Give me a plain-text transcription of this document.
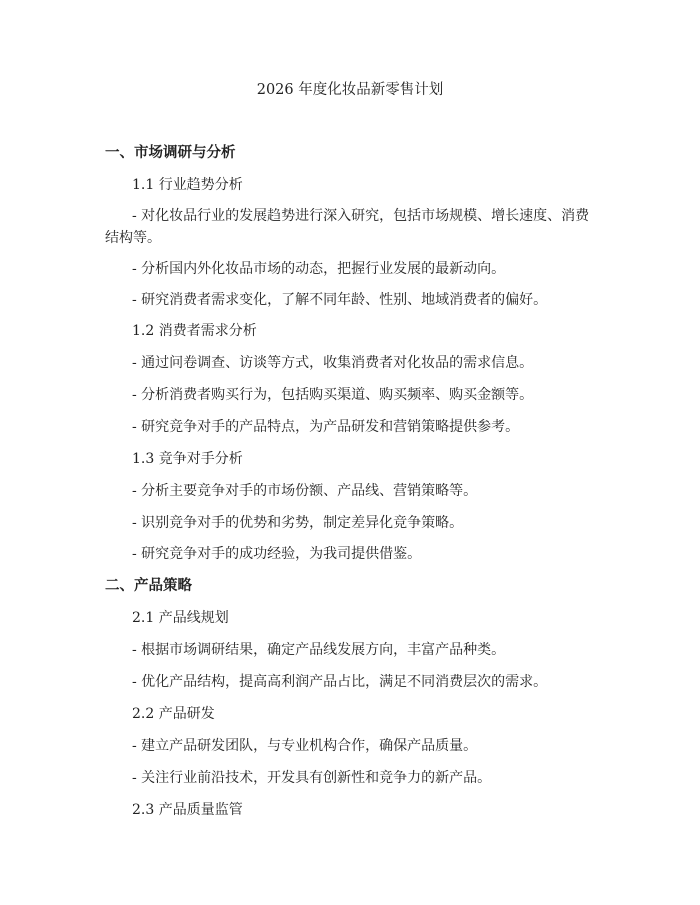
2026 年度化妆品新零售计划
一、市场调研与分析
1.1 行业趋势分析
- 对化妆品行业的发展趋势进行深入研究，包括市场规模、增长速度、消费结构等。
- 分析国内外化妆品市场的动态，把握行业发展的最新动向。
- 研究消费者需求变化，了解不同年龄、性别、地域消费者的偏好。
1.2 消费者需求分析
- 通过问卷调查、访谈等方式，收集消费者对化妆品的需求信息。
- 分析消费者购买行为，包括购买渠道、购买频率、购买金额等。
- 研究竞争对手的产品特点，为产品研发和营销策略提供参考。
1.3 竞争对手分析
- 分析主要竞争对手的市场份额、产品线、营销策略等。
- 识别竞争对手的优势和劣势，制定差异化竞争策略。
- 研究竞争对手的成功经验，为我司提供借鉴。
二、产品策略
2.1 产品线规划
- 根据市场调研结果，确定产品线发展方向，丰富产品种类。
- 优化产品结构，提高高利润产品占比，满足不同消费层次的需求。
2.2 产品研发
- 建立产品研发团队，与专业机构合作，确保产品质量。
- 关注行业前沿技术，开发具有创新性和竞争力的新产品。
2.3 产品质量监管
